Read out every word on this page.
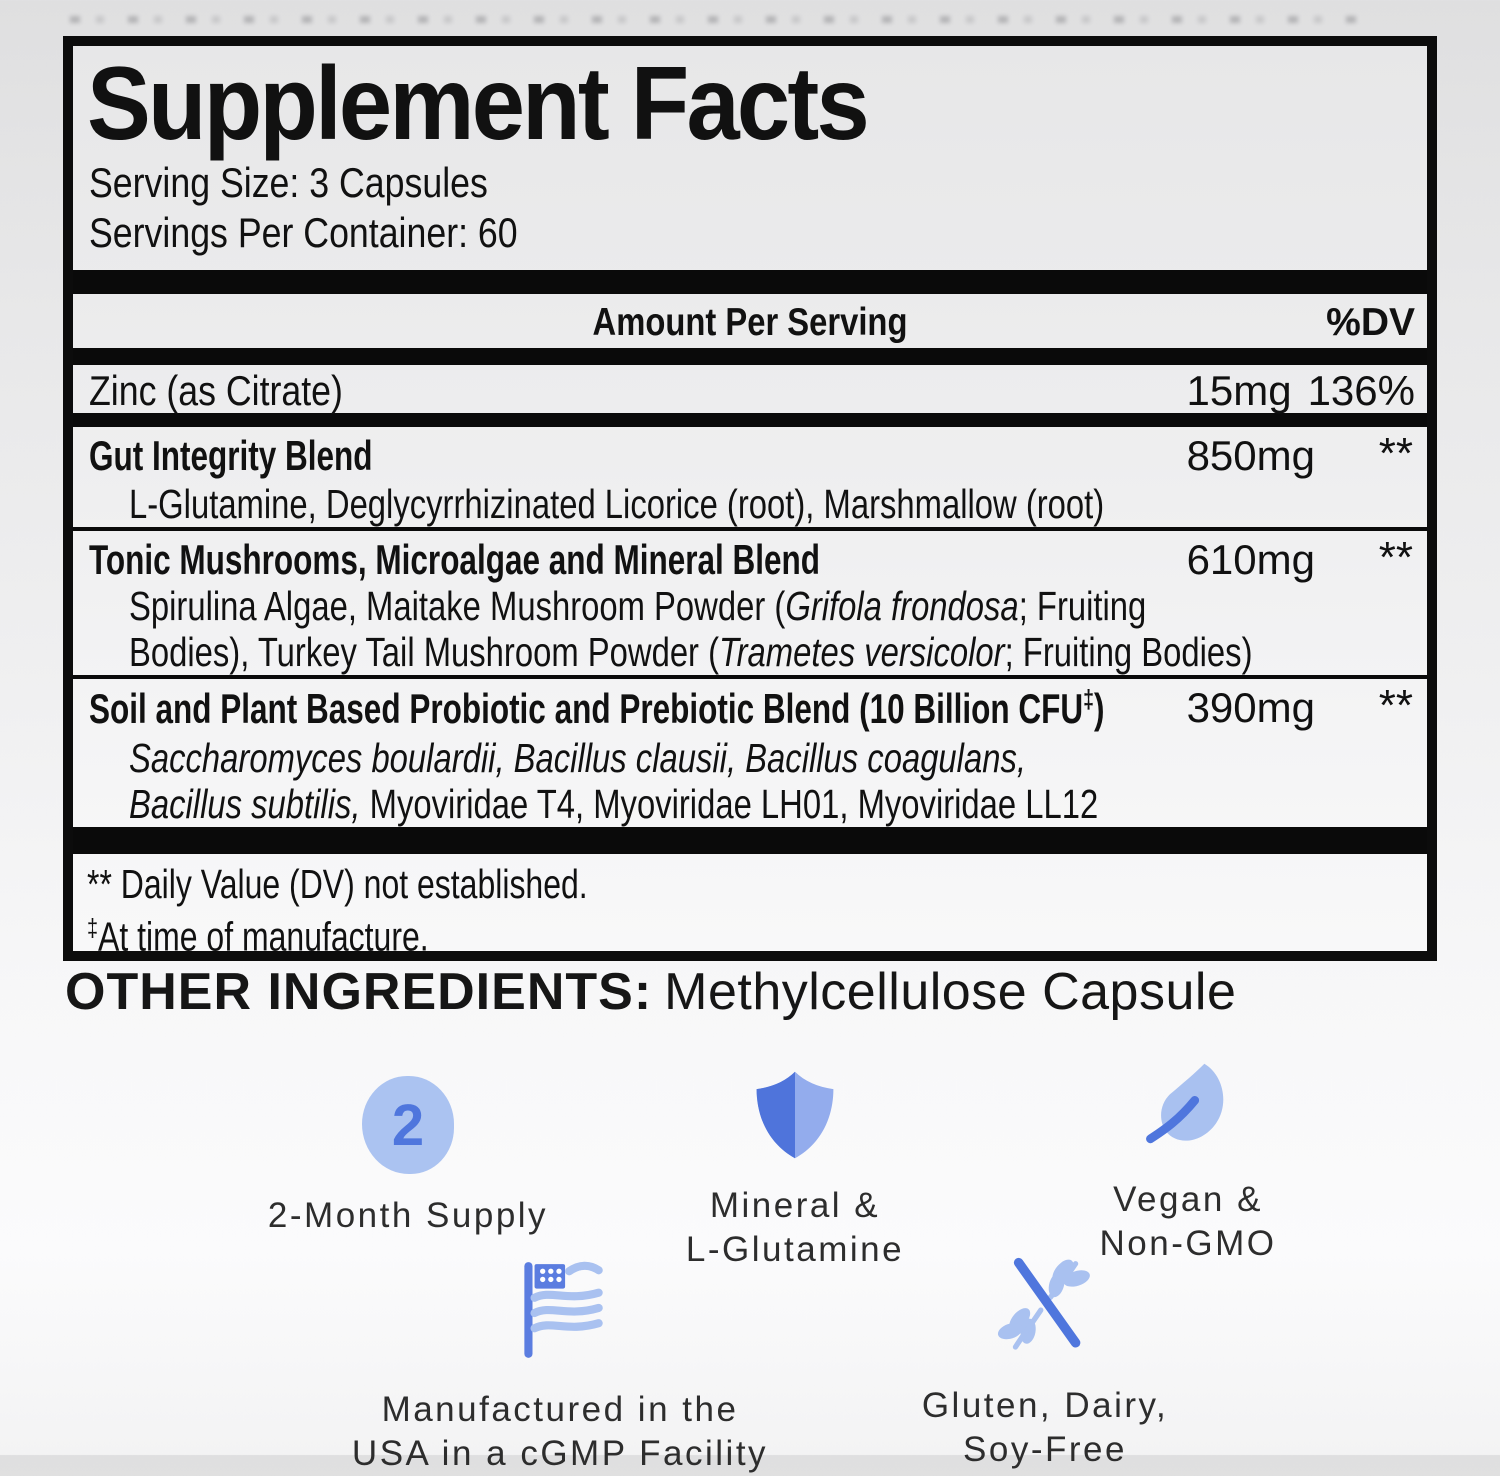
Supplement Facts
Serving Size: 3 Capsules
Servings Per Container: 60
Amount Per Serving	%DV
Zinc (as Citrate)	15mg 136%
Gut Integrity Blend	850mg **
L-Glutamine, Deglycyrrhizinated Licorice (root), Marshmallow (root)
Tonic Mushrooms, Microalgae and Mineral Blend	610mg **
Spirulina Algae, Maitake Mushroom Powder (Grifola frondosa; Fruiting
Bodies), Turkey Tail Mushroom Powder (Trametes versicolor; Fruiting Bodies)
Soil and Plant Based Probiotic and Prebiotic Blend (10 Billion CFU‡) 390mg **
Saccharomyces boulardii, Bacillus clausii, Bacillus coagulans,
Bacillus subtilis, Myoviridae T4, Myoviridae LH01, Myoviridae LL12
** Daily Value (DV) not established.
‡At time of manufacture.
OTHER INGREDIENTS: Methylcellulose Capsule
2
2-Month Supply	Mineral &
L-Glutamine
Vegan &
Non-GMO
Manufactured in the
USA in a cGMP Facility
Gluten, Dairy,
Soy-Free
